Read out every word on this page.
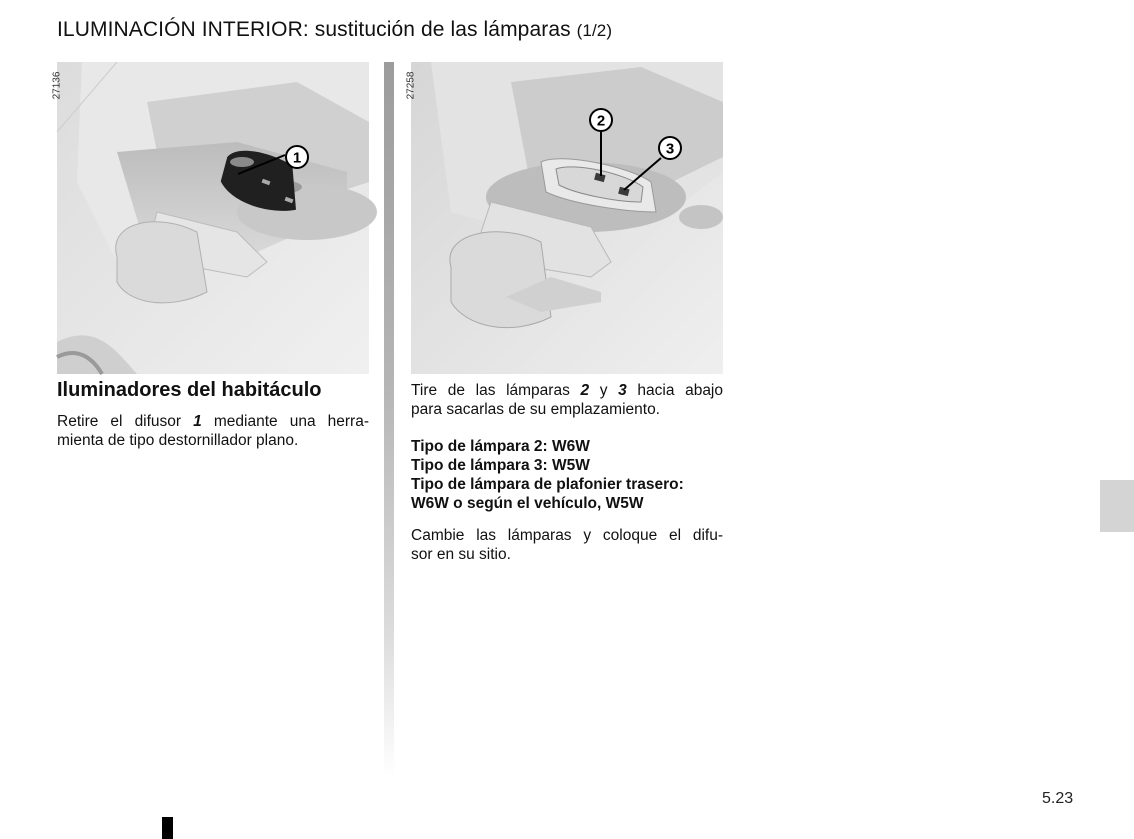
ILUMINACIÓN INTERIOR: sustitución de las lámparas (1/2)
1
27136
2
3
27258
Iluminadores del habitáculo

Retire el difusor 1 mediante una herra-
mienta de tipo destornillador plano.

Tire de las lámparas 2 y 3 hacia abajo
para sacarlas de su emplazamiento.

Tipo de lámpara 2: W6W
Tipo de lámpara 3: W5W
Tipo de lámpara de plafonier trasero:
W6W o según el vehículo, W5W

Cambie las lámparas y coloque el difu-
sor en su sitio.

5.23
